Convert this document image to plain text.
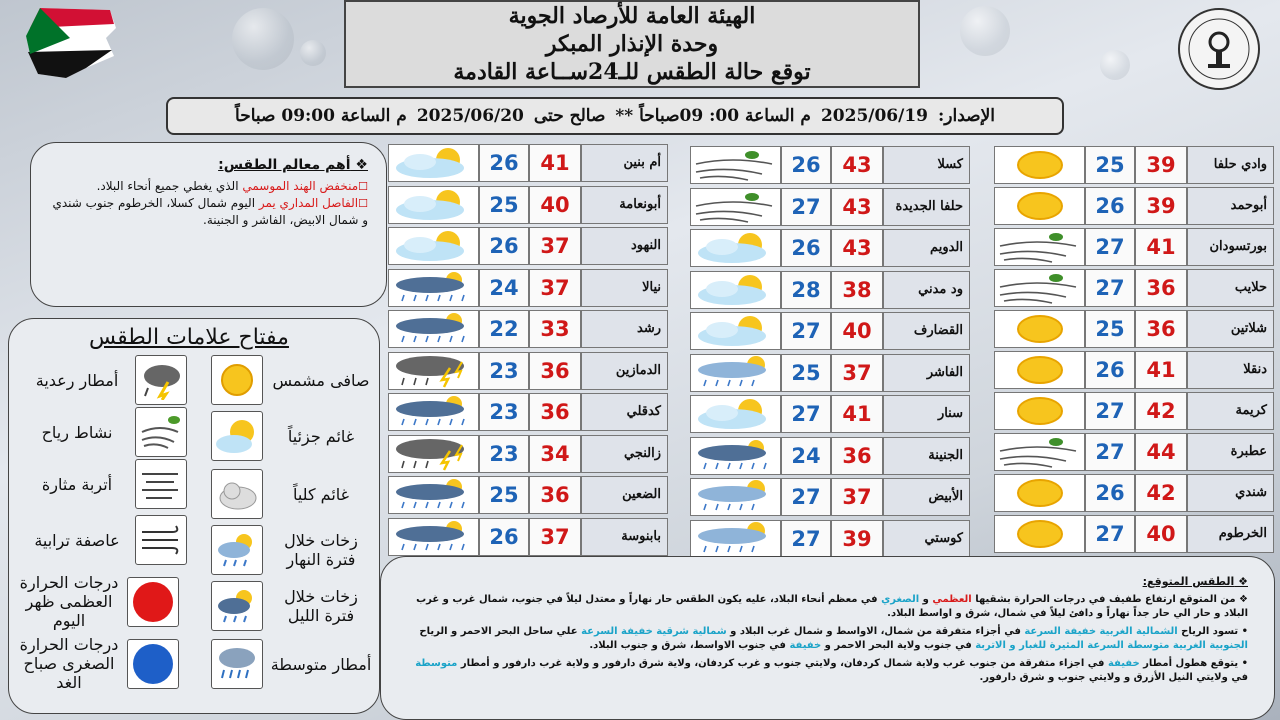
الهيئة العامة للأرصاد الجوية
وحدة الإنذار المبكر
توقع حالة الطقس للـ24ســاعة القادمة
الإصدار:
2025/06/19
م الساعة 00: 09صباحاً **
صالح حتى
2025/06/20
م الساعة 09:00 صباحاً
❖ أهم معالم الطقس:
☐منخفض الهند الموسمي الذي يغطي جميع أنحاء البلاد.
☐الفاصل المداري يمر اليوم شمال كسلا، الخرطوم جنوب شندي و شمال الابيض، الفاشر و الجنينة.
مفتاح علامات الطقس
صافى مشمس
أمطار رعدية
غائم جزئياً
نشاط رياح
غائم كلياً
أتربة مثارة
زخات خلال فترة النهار
عاصفة ترابية
زخات خلال فترة الليل
درجات الحرارة العظمى ظهر اليوم
أمطار متوسطة
درجات الحرارة الصغرى صباح الغد
وادي حلفا
39
25
أبوحمد
39
26
بورتسودان
41
27
حلايب
36
27
شلاتين
36
25
دنقلا
41
26
كريمة
42
27
عطبرة
44
27
شندي
42
26
الخرطوم
40
27
كسلا
43
26
حلفا الجديدة
43
27
الدويم
43
26
ود مدني
38
28
القضارف
40
27
الفاشر
37
25
سنار
41
27
الجنينة
36
24
الأبيض
37
27
كوستي
39
27
أم بنين
41
26
أبونعامة
40
25
النهود
37
26
نيالا
37
24
رشد
33
22
الدمازين
36
23
كدقلي
36
23
زالنجي
34
23
الضعين
36
25
بابنوسة
37
26

❖ الطقس المتوقع:

❖ من المتوقع ارتفاع طفيف في درجات الحرارة بشقيها العظمي و الصغري في معظم أنحاء البلاد، عليه يكون الطقس حار نهاراً و معتدل ليلاً في جنوب، شمال غرب و غرب البلاد و حار الي حار جداً نهاراً و دافئ ليلاً في شمال، شرق و اواسط البلاد.

• تسود الرياح الشمالية الغربية خفيفة السرعة في أجزاء متفرقة من شمال، الاواسط و شمال غرب البلاد و شمالية شرقية خفيفة السرعة علي ساحل البحر الاحمر و الرياح الجنوبية الغربية متوسطة السرعة المثيرة للغبار و الاتربة في جنوب ولاية البحر الاحمر و خفيفة في جنوب الاواسط، شرق و جنوب البلاد.

• يتوقع هطول أمطار خفيفة في اجزاء متفرقة من جنوب غرب ولاية شمال كردفان، ولايتي جنوب و غرب كردفان، ولاية شرق دارفور و ولاية غرب دارفور و أمطار متوسطة في ولايتي النيل الأزرق و ولايتي جنوب و شرق دارفور.
